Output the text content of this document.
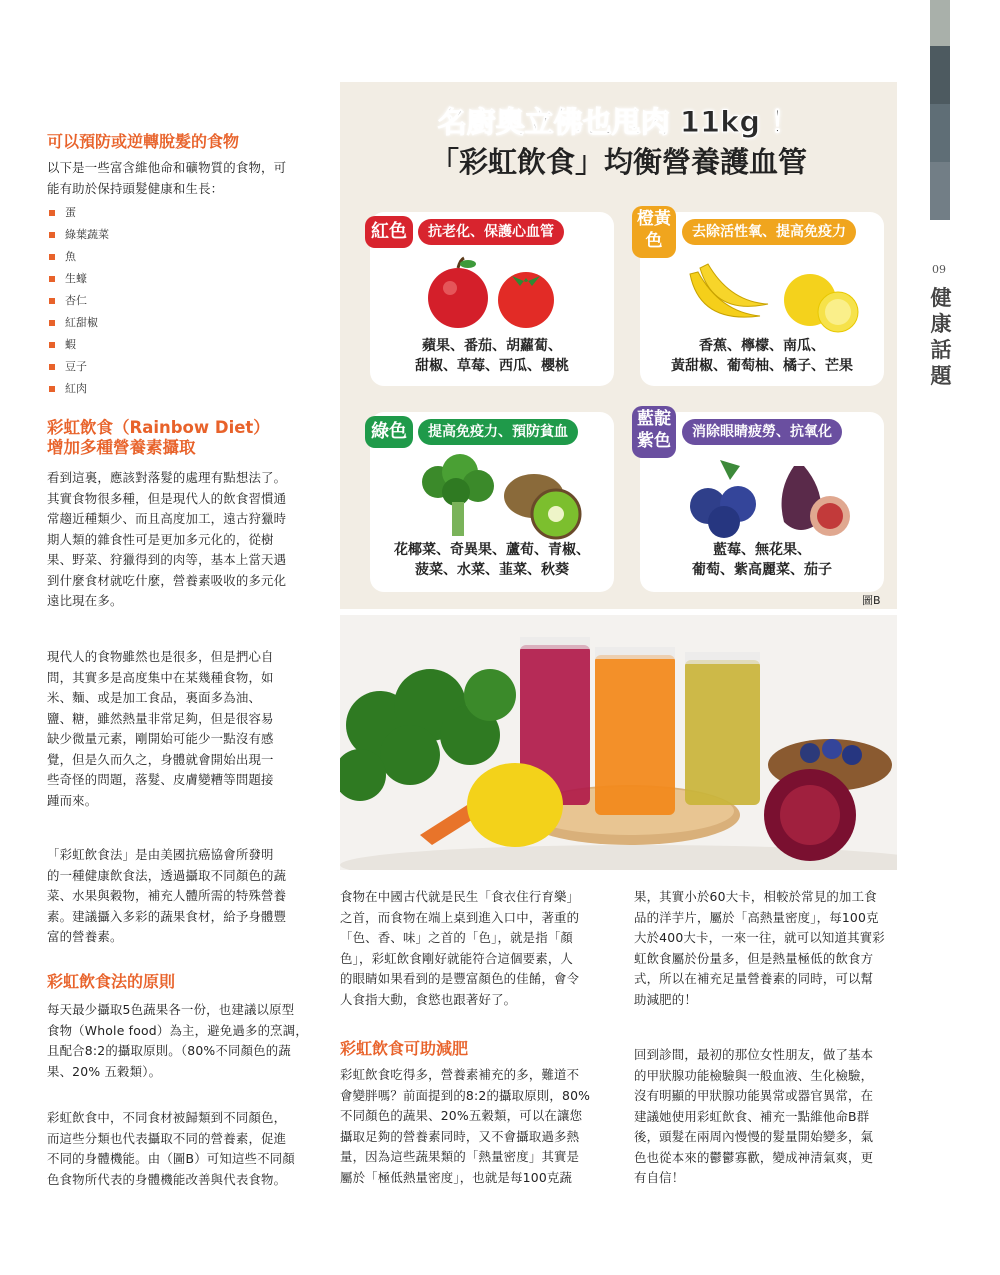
09
健
康
話
題
可以預防或逆轉脫髮的食物
以下是一些富含維他命和礦物質的食物，可
能有助於保持頭髮健康和生長：
蛋
綠葉蔬菜
魚
生蠔
杏仁
紅甜椒
蝦
豆子
紅肉
彩虹飲食（Rainbow Diet）
增加多種營養素攝取
看到這裏，應該對落髮的處理有點想法了。
其實食物很多種，但是現代人的飲食習慣通
常趨近種類少、而且高度加工，遠古狩獵時
期人類的雜食性可是更加多元化的，從樹
果、野菜、狩獵得到的肉等，基本上當天遇
到什麼食材就吃什麼，營養素吸收的多元化
遠比現在多。
現代人的食物雖然也是很多，但是捫心自
問，其實多是高度集中在某幾種食物，如
米、麵、或是加工食品，裏面多為油、
鹽、糖，雖然熱量非常足夠，但是很容易
缺少微量元素，剛開始可能少一點沒有感
覺，但是久而久之，身體就會開始出現一
些奇怪的問題，落髮、皮膚變糟等問題接
踵而來。
「彩虹飲食法」是由美國抗癌協會所發明
的一種健康飲食法，透過攝取不同顏色的蔬
菜、水果與穀物，補充人體所需的特殊營養
素。建議攝入多彩的蔬果食材，給予身體豐
富的營養素。
彩虹飲食法的原則
每天最少攝取5色蔬果各一份，也建議以原型
食物（Whole food）為主，避免過多的烹調，
且配合8:2的攝取原則。（80%不同顏色的蔬
果、20% 五穀類）。
彩虹飲食中，不同食材被歸類到不同顏色，
而這些分類也代表攝取不同的營養素，促進
不同的身體機能。由（圖B）可知這些不同顏
色食物所代表的身體機能改善與代表食物。
名廚奧立佛也甩肉 11kg ！
「彩虹飲食」均衡營養護血管
紅色	抗老化、保護心血管
蘋果、番茄、胡蘿蔔、
甜椒、草莓、西瓜、櫻桃
橙黃
色	去除活性氧、提高免疫力
香蕉、檸檬、南瓜、
黃甜椒、葡萄柚、橘子、芒果
綠色	提高免疫力、預防貧血
花椰菜、奇異果、蘆荀、青椒、
菠菜、水菜、韮菜、秋葵
藍靛
紫色	消除眼睛疲勞、抗氧化
藍莓、無花果、
葡萄、紫高麗菜、茄子
圖B
食物在中國古代就是民生「食衣住行育樂」
之首，而食物在端上桌到進入口中，著重的
「色、香、味」之首的「色」，就是指「顏
色」，彩虹飲食剛好就能符合這個要素，人
的眼睛如果看到的是豐富顏色的佳餚，會令
人食指大動，食慾也跟著好了。
彩虹飲食可助減肥
彩虹飲食吃得多，營養素補充的多，難道不
會變胖嗎？前面提到的8:2的攝取原則，80%
不同顏色的蔬果、20%五穀類，可以在讓您
攝取足夠的營養素同時，又不會攝取過多熱
量，因為這些蔬果類的「熱量密度」其實是
屬於「極低熱量密度」，也就是每100克蔬
果，其實小於60大卡，相較於常見的加工食
品的洋芋片，屬於「高熱量密度」，每100克
大於400大卡，一來一往，就可以知道其實彩
虹飲食屬於份量多，但是熱量極低的飲食方
式，所以在補充足量營養素的同時，可以幫
助減肥的！
回到診間，最初的那位女性朋友，做了基本
的甲狀腺功能檢驗與一般血液、生化檢驗，
沒有明顯的甲狀腺功能異常或器官異常，在
建議她使用彩虹飲食、補充一點維他命B群
後，頭髮在兩周內慢慢的髮量開始變多，氣
色也從本來的鬱鬱寡歡，變成神清氣爽，更
有自信！
